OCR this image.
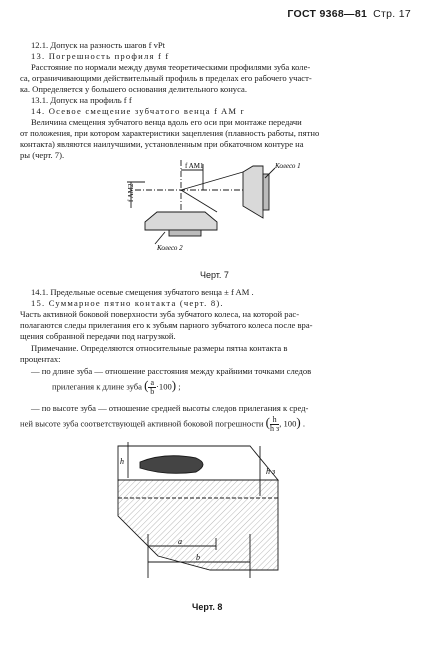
ГОСТ 9368—81 Стр. 17
12.1. Допуск на разность шагов f vPt
13. Погрешность профиля f f
Расстояние по нормали между двумя теоретическими профилями зуба коле-
са, ограничивающими действительный профиль в пределах его рабочего участ-
ка. Определяется у большего основания делительного конуса.
13.1. Допуск на профиль f f
14. Осевое смещение зубчатого венца f AM r
Величина смещения зубчатого венца вдоль его оси при монтаже передачи
от положения, при котором характеристики зацепления (плавность работы, пятно
контакта) являются наилучшими, установленным при обкаточном контуре на
ры (черт. 7).
f AM1
f AM2
Колесо 1
Колесо 2
Черт. 7
14.1. Предельные осевые смещения зубчатого венца ± f AM .
15. Суммарное пятно контакта (черт. 8).
Часть активной боковой поверхности зуба зубчатого колеса, на которой рас-
полагаются следы прилегания его к зубьям парного зубчатого колеса после вра-
щения собранной передачи под нагрузкой.
Примечание. Определяются относительные размеры пятна контакта в
процентах:
— по длине зуба — отношение расстояния между крайними точками следов
прилегания к длине зуба ( $\frac{a}{b}\cdot 100$) ;
— по высоте зуба — отношение средней высоты следов прилегания к сред-
ней высоте зуба соответствующей активной боковой погрешности ( $\frac{h}{\text{h з}}$, 100) .
h
h з
a
b
Черт. 8
